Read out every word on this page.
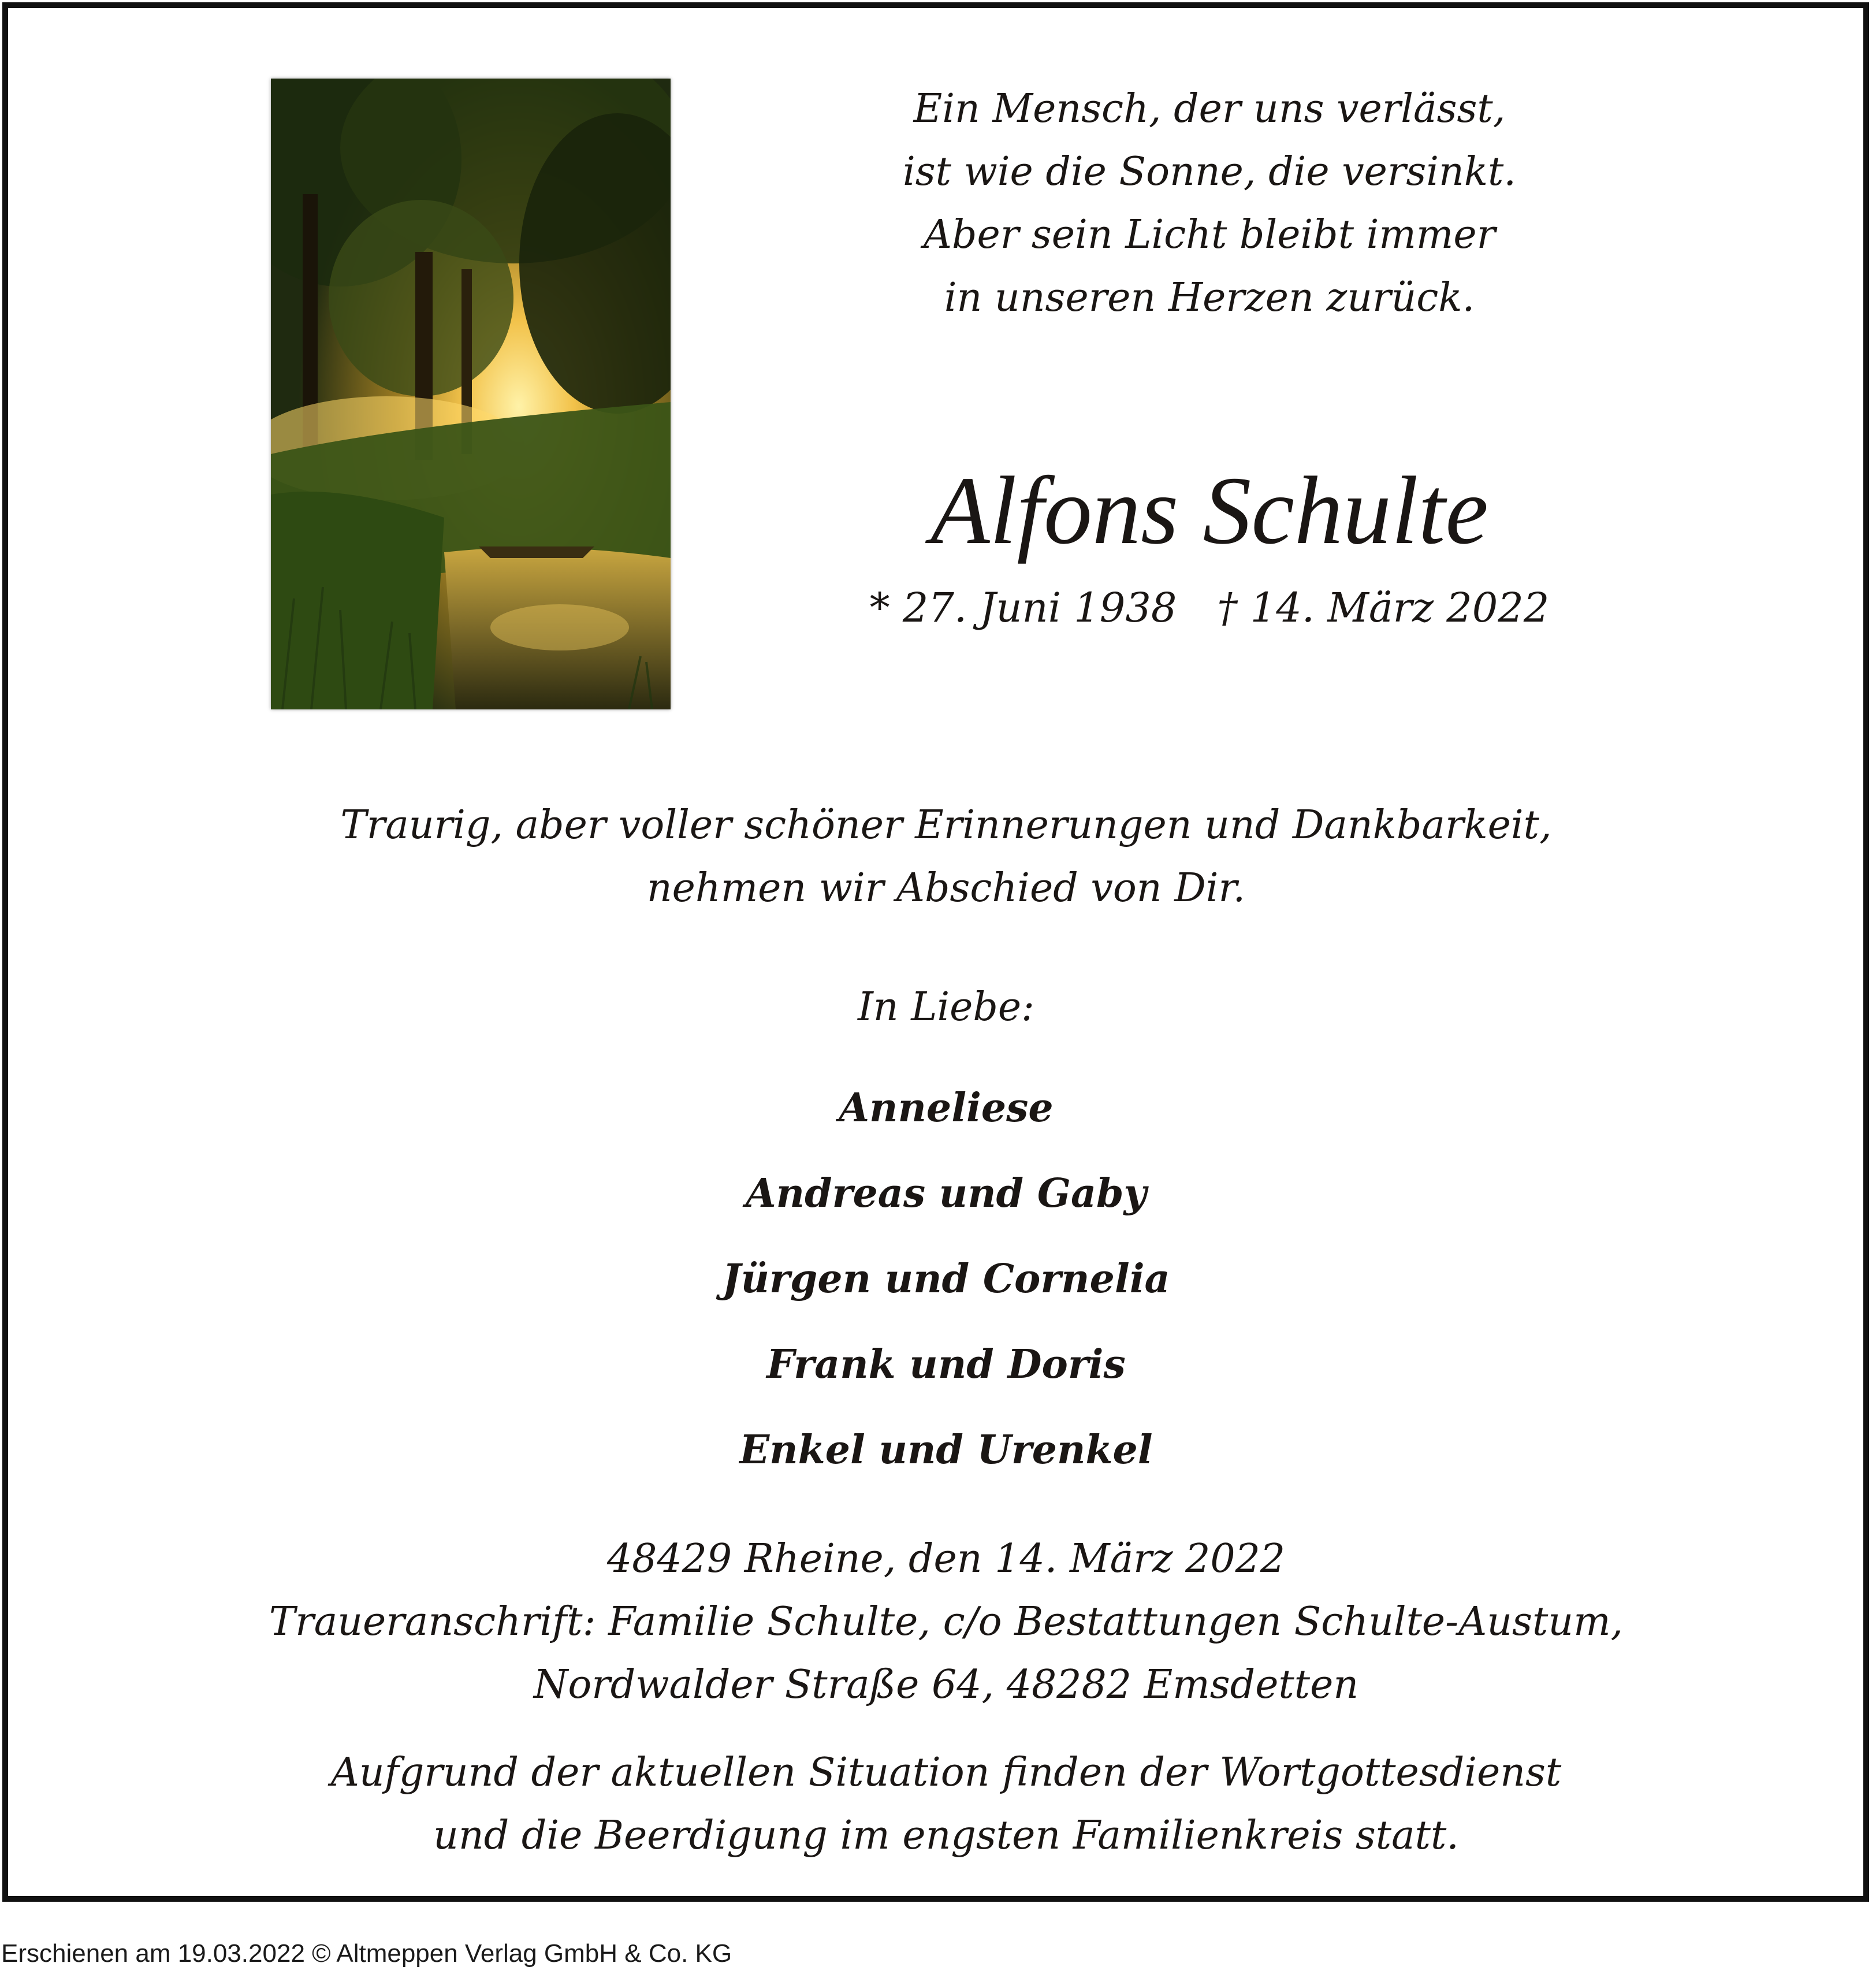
Ein Mensch, der uns verlässt,
ist wie die Sonne, die versinkt.
Aber sein Licht bleibt immer
in unseren Herzen zurück.
Alfons Schulte
* 27. Juni 1938 † 14. März 2022
Traurig, aber voller schöner Erinnerungen und Dankbarkeit,
nehmen wir Abschied von Dir.
In Liebe:
Anneliese
Andreas und Gaby
Jürgen und Cornelia
Frank und Doris
Enkel und Urenkel
48429 Rheine, den 14. März 2022
Traueranschrift: Familie Schulte, c/o Bestattungen Schulte-Austum,
Nordwalder Straße 64, 48282 Emsdetten
Aufgrund der aktuellen Situation finden der Wortgottesdienst
und die Beerdigung im engsten Familienkreis statt.
Erschienen am 19.03.2022 © Altmeppen Verlag GmbH & Co. KG
